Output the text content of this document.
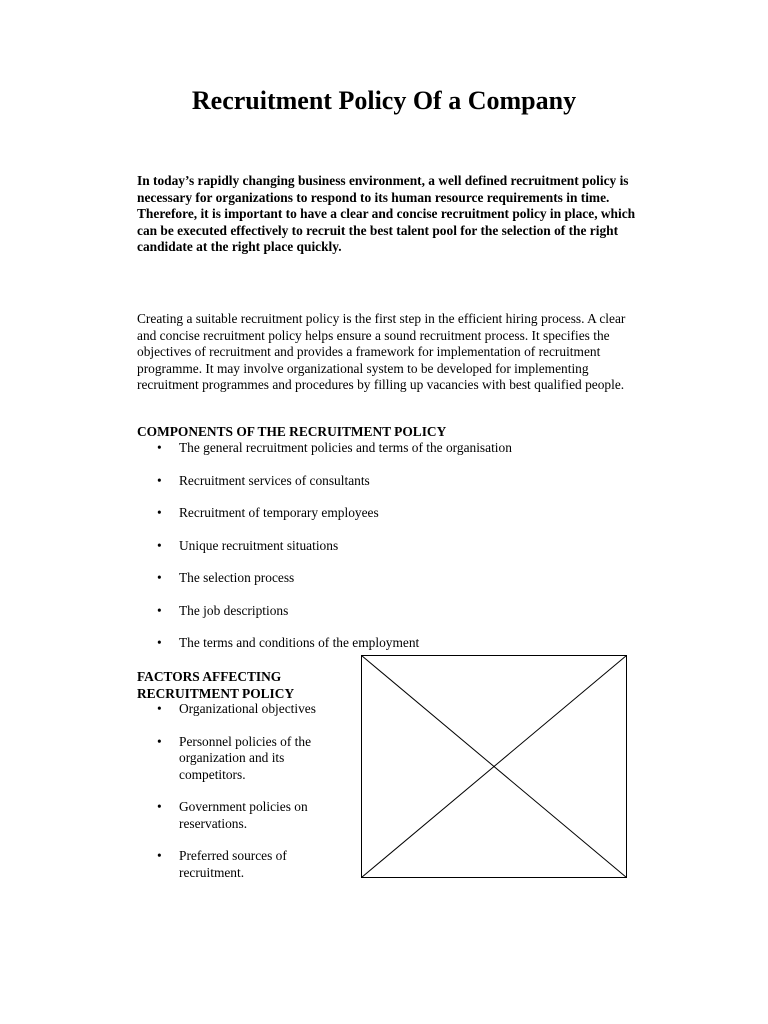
Recruitment Policy Of a Company

In today’s rapidly changing business environment, a well defined recruitment policy is necessary for organizations to respond to its human resource requirements in time. Therefore, it is important to have a clear and concise recruitment policy in place, which can be executed effectively to recruit the best talent pool for the selection of the right candidate at the right place quickly.

Creating a suitable recruitment policy is the first step in the efficient hiring process. A clear and concise recruitment policy helps ensure a sound recruitment process. It specifies the objectives of recruitment and provides a framework for implementation of recruitment programme. It may involve organizational system to be developed for implementing recruitment programmes and procedures by filling up vacancies with best qualified people.

COMPONENTS OF THE RECRUITMENT POLICY
• The general recruitment policies and terms of the organisation
• Recruitment services of consultants
• Recruitment of temporary employees
• Unique recruitment situations
• The selection process
• The job descriptions
• The terms and conditions of the employment
FACTORS AFFECTING RECRUITMENT POLICY
• Organizational objectives
• Personnel policies of the organization and its competitors.
• Government policies on reservations.
• Preferred sources of recruitment.
